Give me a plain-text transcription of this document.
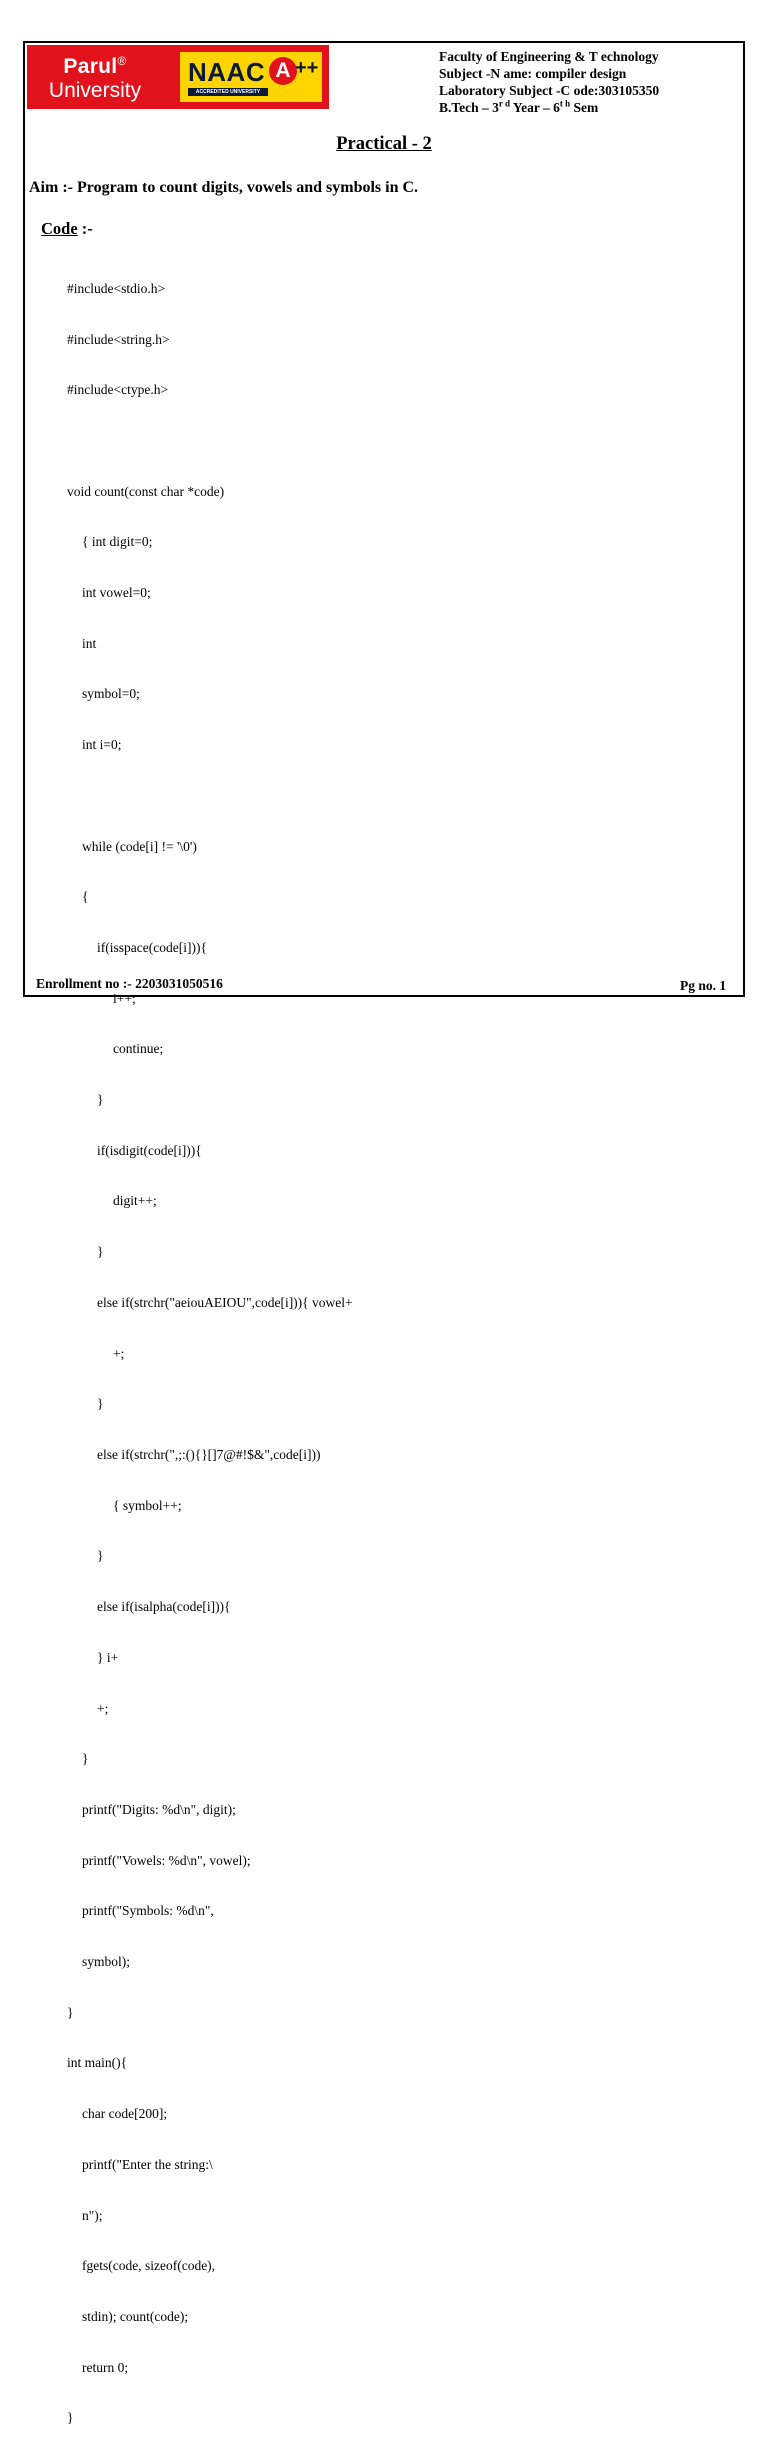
Parul®
University
NAAC A ++
ACCREDITED UNIVERSITY
Faculty of Engineering & T echnology
Subject -N ame: compiler design
Laboratory Subject -C ode:303105350
B.Tech – $3^{r d}$ Year – $6^{t h}$ Sem
Practical - 2
Aim :- Program to count digits, vowels and symbols in C.
Code :-

#include<stdio.h>

#include<string.h>

#include<ctype.h>

void count(const char *code)

{ int digit=0;

int vowel=0;

int

symbol=0;

int i=0;

while (code[i] != '\0')

{

if(isspace(code[i])){

i++;

continue;

}

if(isdigit(code[i])){

digit++;

}

else if(strchr("aeiouAEIOU",code[i])){ vowel+

+;

}

else if(strchr(",;:(){}[]7@#!$&",code[i]))

{ symbol++;

}

else if(isalpha(code[i])){

} i+

+;

}

printf("Digits: %d\n", digit);

printf("Vowels: %d\n", vowel);

printf("Symbols: %d\n",

symbol);

}

int main(){

char code[200];

printf("Enter the string:\

n");

fgets(code, sizeof(code),

stdin); count(code);

return 0;

}

Enrollment no :- 2203031050516	Pg no. 1
